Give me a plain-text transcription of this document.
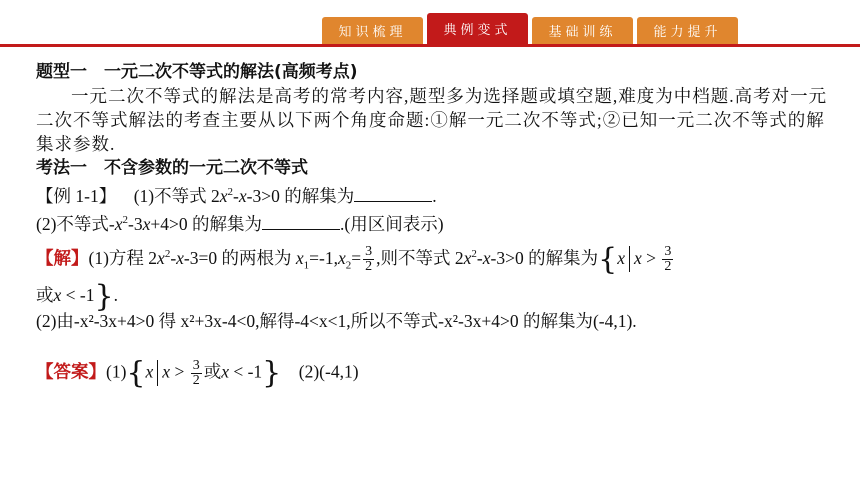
知识梳理	典例变式	基础训练	能力提升
题型一　一元二次不等式的解法(高频考点)
一元二次不等式的解法是高考的常考内容,题型多为选择题或填空题,难度为中档题.高考对一元二次不等式解法的考查主要从以下两个角度命题:①解一元二次不等式;②已知一元二次不等式的解集求参数.
考法一　不含参数的一元二次不等式
【例 1-1】 (1)不等式 $2x^2-x-3>0$ 的解集为	.
(2)不等式$-x^2-3x+4>0$ 的解集为	.(用区间表示)
【解】(1)方程 $2x^2-x-3=0$ 的两根为 $x_1=-1,x_2= \frac{3}{2}$ ,则不等式 $2x^2-x-3>0$ 的解集为{x $x > \frac{3}{2}$
或x < -1}.
(2)由-x²-3x+4>0 得 x²+3x-4<0,解得-4<x<1,所以不等式-x²-3x+4>0 的解集为(-4,1).
【答案】(1){x $x > \frac{3}{2}$ 或x < -1} (2)(-4,1)
